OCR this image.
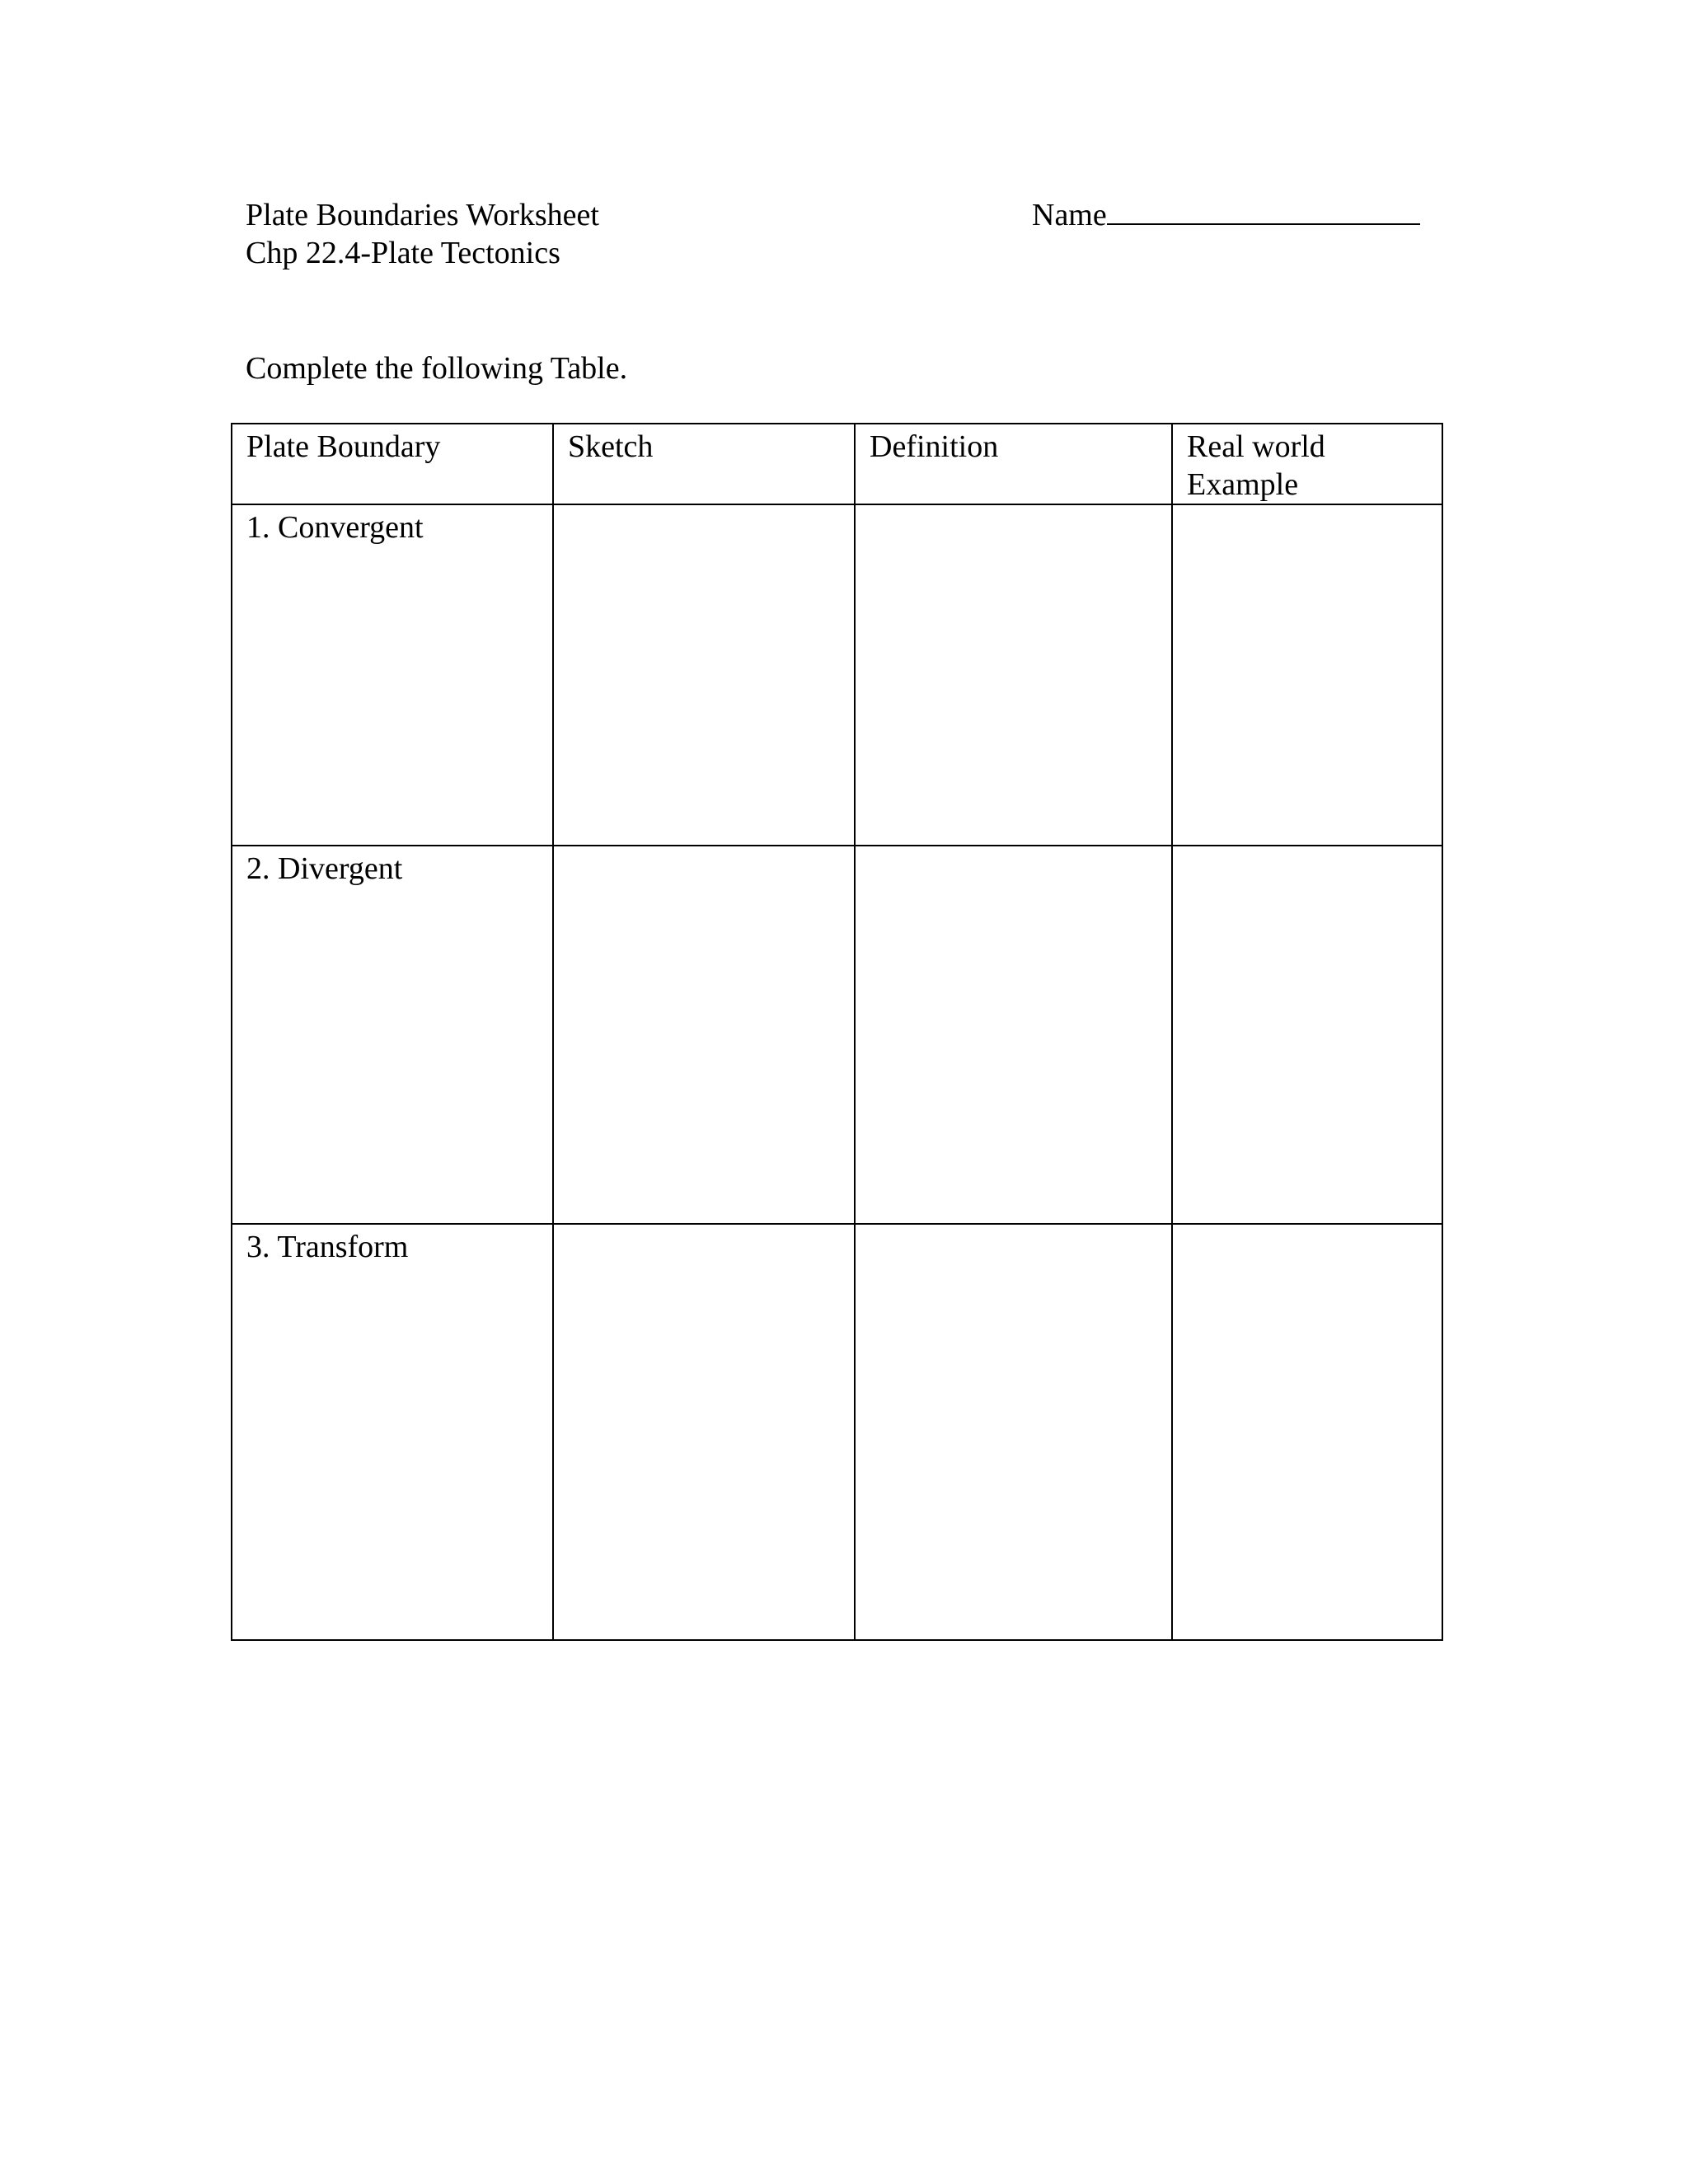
Plate Boundaries Worksheet
Chp 22.4-Plate Tectonics
Name
Complete the following Table.
Plate Boundary	Sketch	Definition	Real world Example
1. Convergent			
2. Divergent			
3. Transform			
